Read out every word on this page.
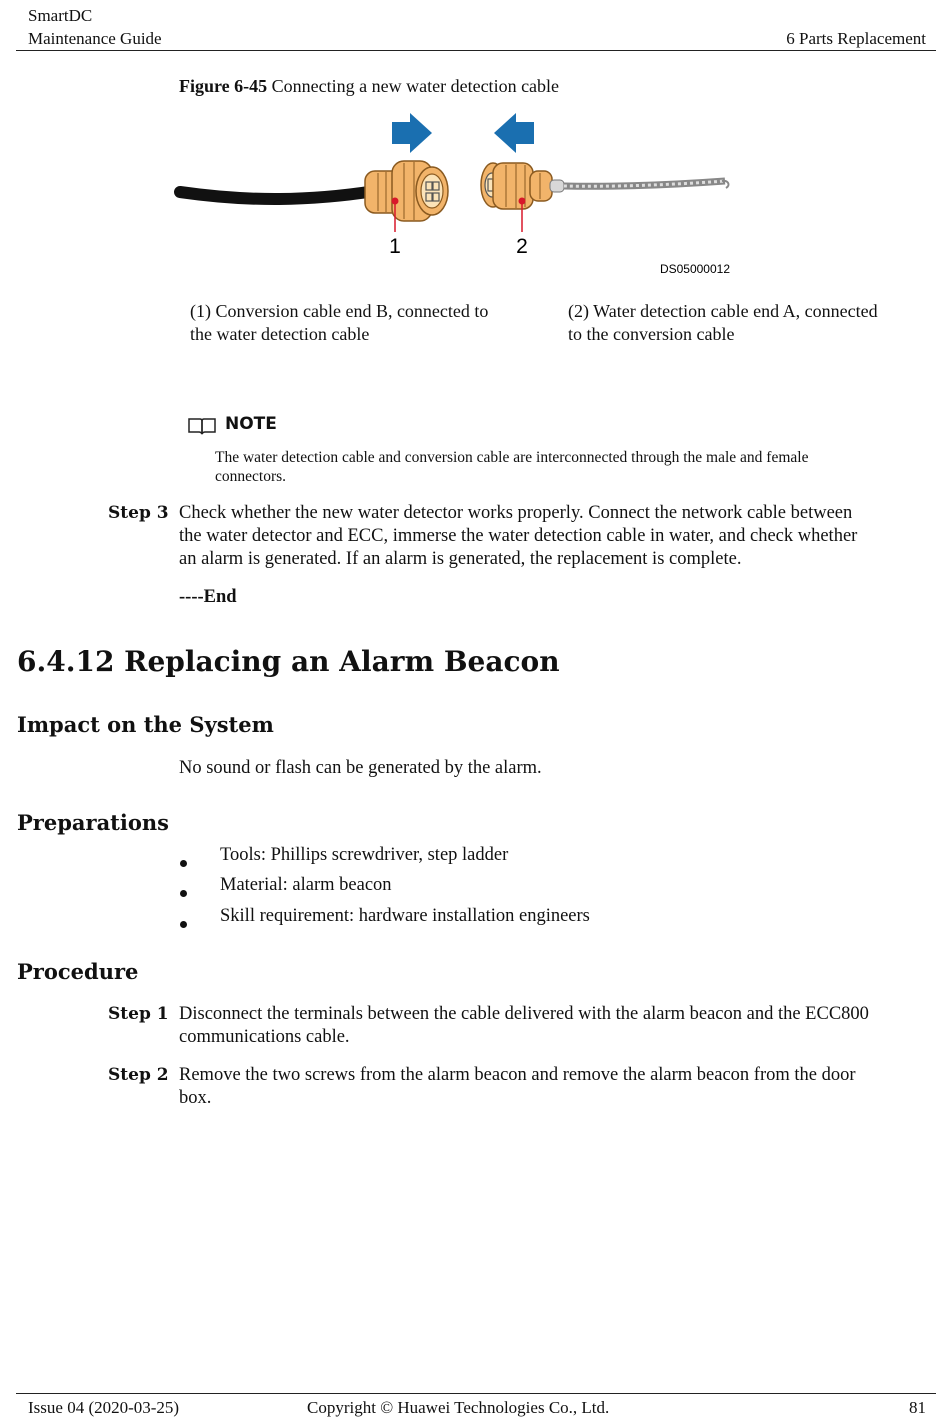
SmartDC
Maintenance Guide	6 Parts Replacement
Figure 6-45 Connecting a new water detection cable
1	2
DS05000012
(1) Conversion cable end B, connected to
the water detection cable
(2) Water detection cable end A, connected
to the conversion cable
NOTE
The water detection cable and conversion cable are interconnected through the male and female
connectors.
Step 3 Check whether the new water detector works properly. Connect the network cable between
the water detector and ECC, immerse the water detection cable in water, and check whether
an alarm is generated. If an alarm is generated, the replacement is complete.
----End
6.4.12 Replacing an Alarm Beacon
Impact on the System
No sound or flash can be generated by the alarm.
Preparations
Tools: Phillips screwdriver, step ladder
Material: alarm beacon
Skill requirement: hardware installation engineers
Procedure
Step 1 Disconnect the terminals between the cable delivered with the alarm beacon and the ECC800
communications cable.
Step 2 Remove the two screws from the alarm beacon and remove the alarm beacon from the door
box.
Issue 04 (2020-03-25)	Copyright © Huawei Technologies Co., Ltd.	81
